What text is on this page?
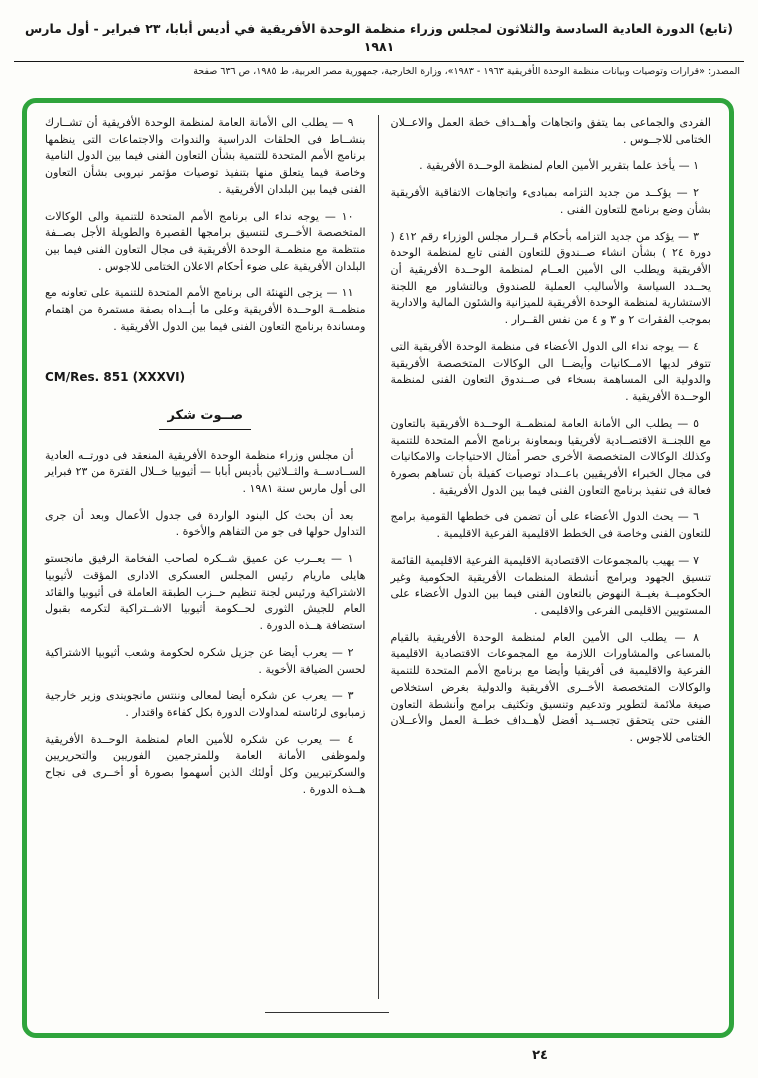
(تابع) الدورة العادية السادسة والثلاثون لمجلس وزراء منظمة الوحدة الأفريقية في أديس أبابا، ٢٣ فبراير - أول مارس ١٩٨١
المصدر: «قرارات وتوصيات وبيانات منظمة الوحدة الأفريقية ١٩٦٣ - ١٩٨٣»، وزارة الخارجية، جمهورية مصر العربية، ط ١٩٨٥، ص ٦٣٦ صفحة

الفردى والجماعى بما يتفق واتجاهات وأهــداف خطة العمل والاعــلان الختامى للاجــوس .

١ — يأخذ علما بتقرير الأمين العام لمنظمة الوحــدة الأفريقية .

٢ — يؤكــد من جديد التزامه بمبادىء واتجاهات الاتفاقية الأفريقية بشأن وضع برنامج للتعاون الفنى .

٣ — يؤكد من جديد التزامه بأحكام قــرار مجلس الوزراء رقم ٤١٢ ( دورة ٢٤ ) بشأن انشاء صــندوق للتعاون الفنى تابع لمنظمة الوحدة الأفريقية ويطلب الى الأمين العــام لمنظمة الوحــدة الأفريقية أن يحــدد السياسة والأساليب العملية للصندوق وبالتشاور مع اللجنة الاستشارية لمنظمة الوحدة الأفريقية للميزانية والشئون المالية والادارية بموجب الفقرات ٢ و ٣ و ٤ من نفس القــرار .

٤ — يوجه نداء الى الدول الأعضاء فى منظمة الوحدة الأفريقية التى تتوفر لديها الامــكانيات وأيضــا الى الوكالات المتخصصة الأفريقية والدولية الى المساهمة بسخاء فى صــندوق التعاون الفنى لمنظمة الوحــدة الأفريقية .

٥ — يطلب الى الأمانة العامة لمنظمــة الوحــدة الأفريقية بالتعاون مع اللجنــة الاقتصــادية لأفريقيا وبمعاونة برنامج الأمم المتحدة للتنمية وكذلك الوكالات المتخصصة الأخرى حصر أمثال الاحتياجات والامكانيات فى مجال الخبراء الأفريقيين باعــداد توصيات كفيلة بأن تساهم بصورة فعالة فى تنفيذ برنامج التعاون الفنى فيما بين الدول الأفريقية .

٦ — يحث الدول الأعضاء على أن تضمن فى خططها القومية برامج للتعاون الفنى وخاصة فى الخطط الاقليمية الفرعية الاقليمية .

٧ — يهيب بالمجموعات الاقتصادية الاقليمية الفرعية الاقليمية القائمة تنسيق الجهود وبرامج أنشطة المنظمات الأفريقية الحكومية وغير الحكوميــة بغيــة النهوض بالتعاون الفنى فيما بين الدول الأعضاء على المستويين الاقليمى الفرعى والاقليمى .

٨ — يطلب الى الأمين العام لمنظمة الوحدة الأفريقية بالقيام بالمساعى والمشاورات اللازمة مع المجموعات الاقتصادية الاقليمية الفرعية والاقليمية فى أفريقيا وأيضا مع برنامج الأمم المتحدة للتنمية والوكالات المتخصصة الأخــرى الأفريقية والدولية بغرض استخلاص صيغة ملائمة لتطوير وتدعيم وتنسيق وتكثيف برامج وأنشطة التعاون الفنى حتى يتحقق تجســيد أفضل لأهــداف خطــة العمل والأعــلان الختامى للاجوس .

٩ — يطلب الى الأمانة العامة لمنظمة الوحدة الأفريقية أن تشــارك بنشــاط فى الحلقات الدراسية والندوات والاجتماعات التى ينظمها برنامج الأمم المتحدة للتنمية بشأن التعاون الفنى فيما بين الدول النامية وخاصة فيما يتعلق منها بتنفيذ توصيات مؤتمر نيروبى بشأن التعاون الفنى فيما بين البلدان الأفريقية .

١٠ — يوجه نداء الى برنامج الأمم المتحدة للتنمية والى الوكالات المتخصصة الأخــرى لتنسيق برامجها القصيرة والطويلة الأجل بصــفة منتظمة مع منظمــة الوحدة الأفريقية فى مجال التعاون الفنى فيما بين البلدان الأفريقية على ضوء أحكام الاعلان الختامى للاجوس .

١١ — يزجى التهنئة الى برنامج الأمم المتحدة للتنمية على تعاونه مع منظمــة الوحــدة الأفريقية وعلى ما أبــداه بصفة مستمرة من اهتمام ومساندة برنامج التعاون الفنى فيما بين الدول الأفريقية .

CM/Res. 851 (XXXVI)
صــوت شكر

أن مجلس وزراء منظمة الوحدة الأفريقية المنعقد فى دورتــه العادية الســادســة والثــلاثين بأديس أبابا — أثيوبيا خــلال الفترة من ٢٣ فبراير الى أول مارس سنة ١٩٨١ .

بعد أن بحث كل البنود الواردة فى جدول الأعمال وبعد أن جرى التداول حولها فى جو من التفاهم والأخوة .

١ — يعــرب عن عميق شــكره لصاحب الفخامة الرفيق مانجستو هايلى ماريام رئيس المجلس العسكرى الادارى المؤقت لأثيوبيا الاشتراكية ورئيس لجنة تنظيم حــزب الطبقة العاملة فى أثيوبيا والقائد العام للجيش الثورى لحــكومة أثيوبيا الاشــتراكية لتكرمه بقبول استضافة هــذه الدورة .

٢ — يعرب أيضا عن جزيل شكره لحكومة وشعب أثيوبيا الاشتراكية لحسن الضيافة الأخوية .

٣ — يعرب عن شكره أيضا لمعالى وننتس مانجويندى وزير خارجية زمبابوى لرئاسته لمداولات الدورة بكل كفاءة واقتدار .

٤ — يعرب عن شكره للأمين العام لمنظمة الوحــدة الأفريقية ولموظفى الأمانة العامة وللمترجمين الفوريين والتحريريين والسكرتيريين وكل أولئك الذين أسهموا بصورة أو أخــرى فى نجاح هــذه الدورة .

٢٤
